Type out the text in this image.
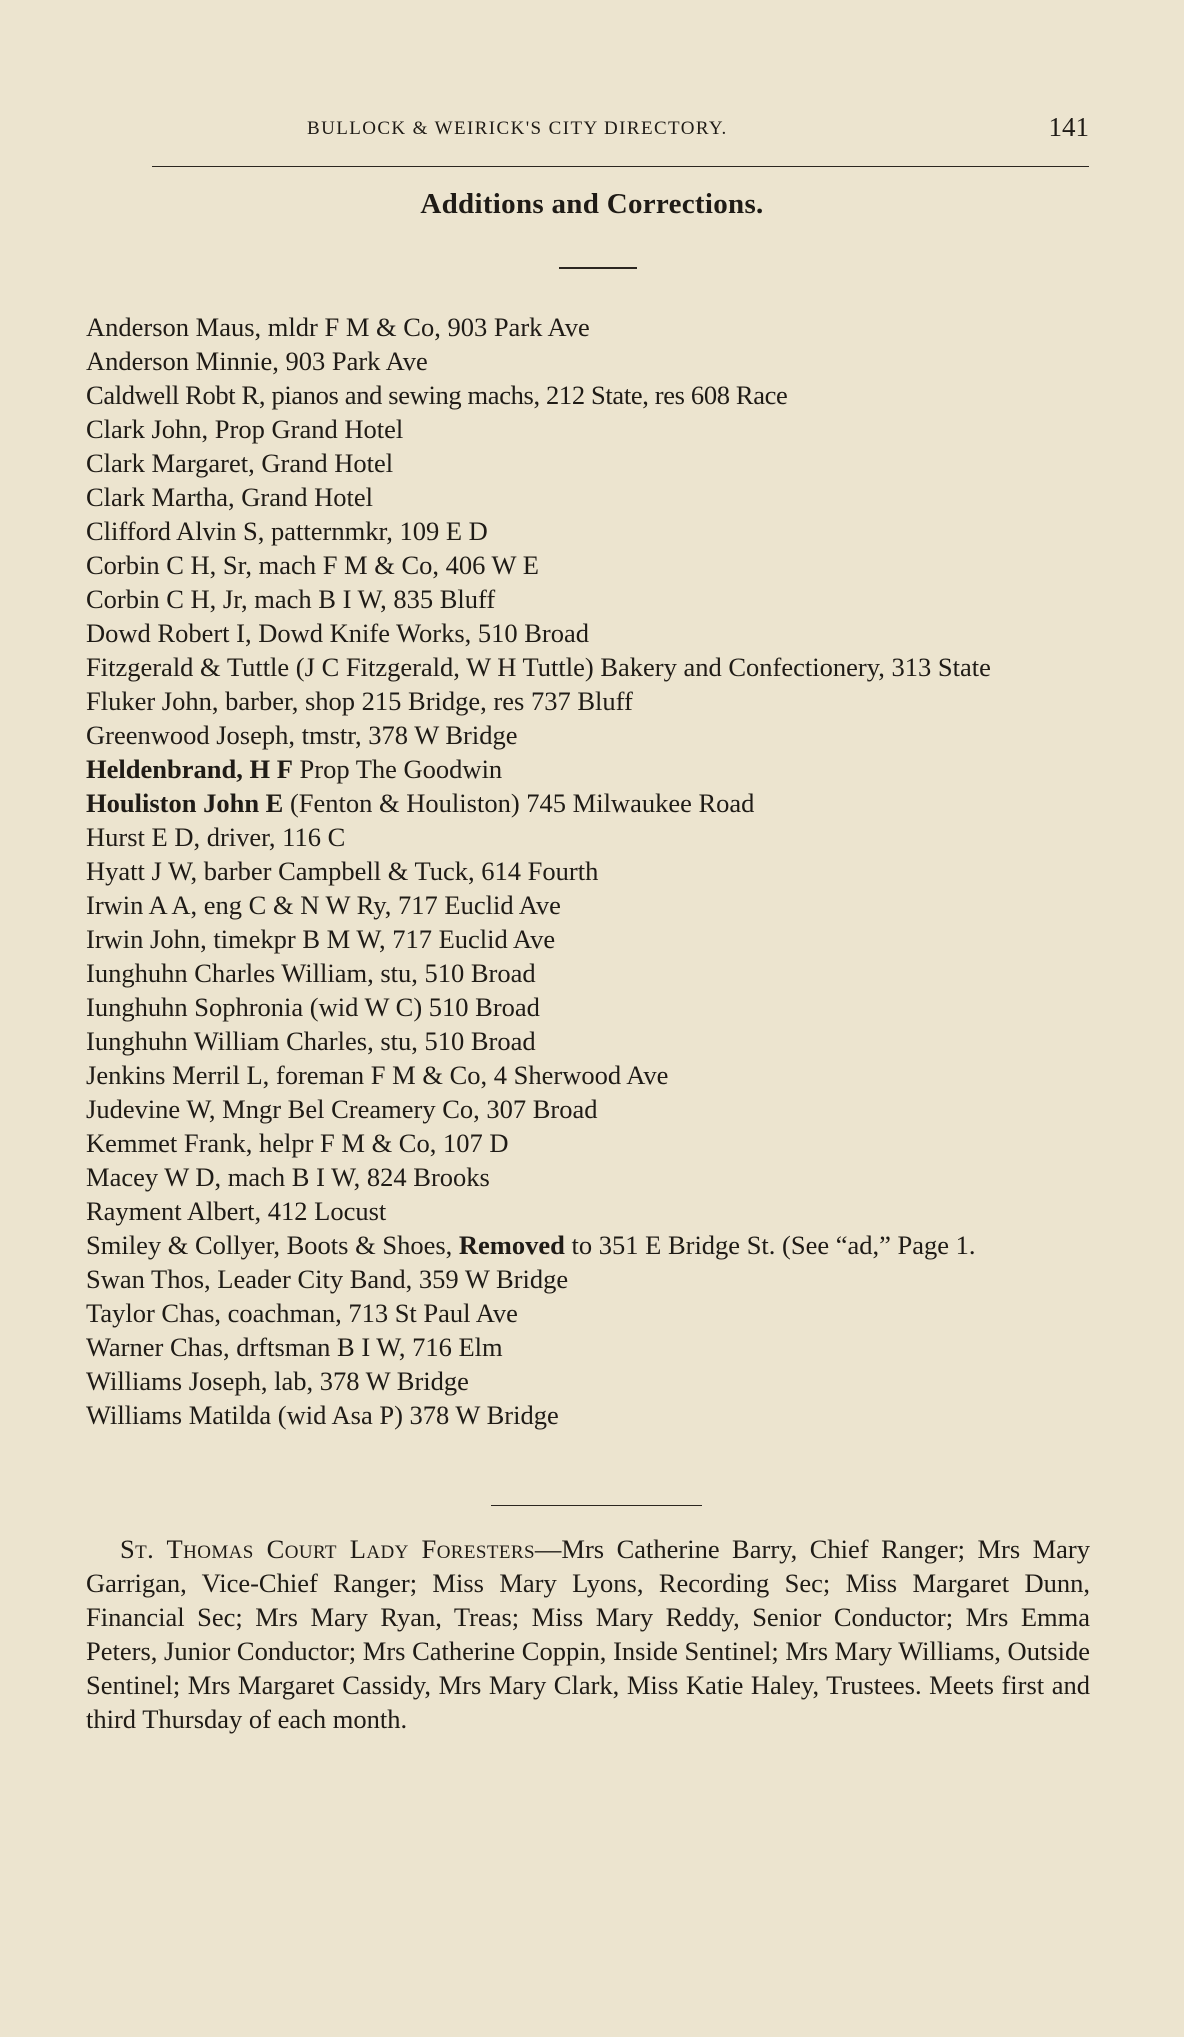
BULLOCK & WEIRICK'S CITY DIRECTORY.	141
Additions and Corrections.

Anderson Maus, mldr F M & Co, 903 Park Ave

Anderson Minnie, 903 Park Ave

Caldwell Robt R, pianos and sewing machs, 212 State, res 608 Race

Clark John, Prop Grand Hotel

Clark Margaret, Grand Hotel

Clark Martha, Grand Hotel

Clifford Alvin S, patternmkr, 109 E D

Corbin C H, Sr, mach F M & Co, 406 W E

Corbin C H, Jr, mach B I W, 835 Bluff

Dowd Robert I, Dowd Knife Works, 510 Broad

Fitzgerald & Tuttle (J C Fitzgerald, W H Tuttle) Bakery and Confectionery, 313 State

Fluker John, barber, shop 215 Bridge, res 737 Bluff

Greenwood Joseph, tmstr, 378 W Bridge

Heldenbrand, H F Prop The Goodwin

Houliston John E (Fenton & Houliston) 745 Milwaukee Road

Hurst E D, driver, 116 C

Hyatt J W, barber Campbell & Tuck, 614 Fourth

Irwin A A, eng C & N W Ry, 717 Euclid Ave

Irwin John, timekpr B M W, 717 Euclid Ave

Iunghuhn Charles William, stu, 510 Broad

Iunghuhn Sophronia (wid W C) 510 Broad

Iunghuhn William Charles, stu, 510 Broad

Jenkins Merril L, foreman F M & Co, 4 Sherwood Ave

Judevine W, Mngr Bel Creamery Co, 307 Broad

Kemmet Frank, helpr F M & Co, 107 D

Macey W D, mach B I W, 824 Brooks

Rayment Albert, 412 Locust

Smiley & Collyer, Boots & Shoes, Removed to 351 E Bridge St. (See “ad,” Page 1.

Swan Thos, Leader City Band, 359 W Bridge

Taylor Chas, coachman, 713 St Paul Ave

Warner Chas, drftsman B I W, 716 Elm

Williams Joseph, lab, 378 W Bridge

Williams Matilda (wid Asa P) 378 W Bridge

St. Thomas Court Lady Foresters—Mrs Catherine Barry, Chief Ranger; Mrs Mary Garrigan, Vice-Chief Ranger; Miss Mary Lyons, Recording Sec; Miss Margaret Dunn, Financial Sec; Mrs Mary Ryan, Treas; Miss Mary Reddy, Senior Conductor; Mrs Emma Peters, Junior Conductor; Mrs Catherine Coppin, Inside Sentinel; Mrs Mary Williams, Outside Sentinel; Mrs Margaret Cassidy, Mrs Mary Clark, Miss Katie Haley, Trustees. Meets first and third Thursday of each month.
